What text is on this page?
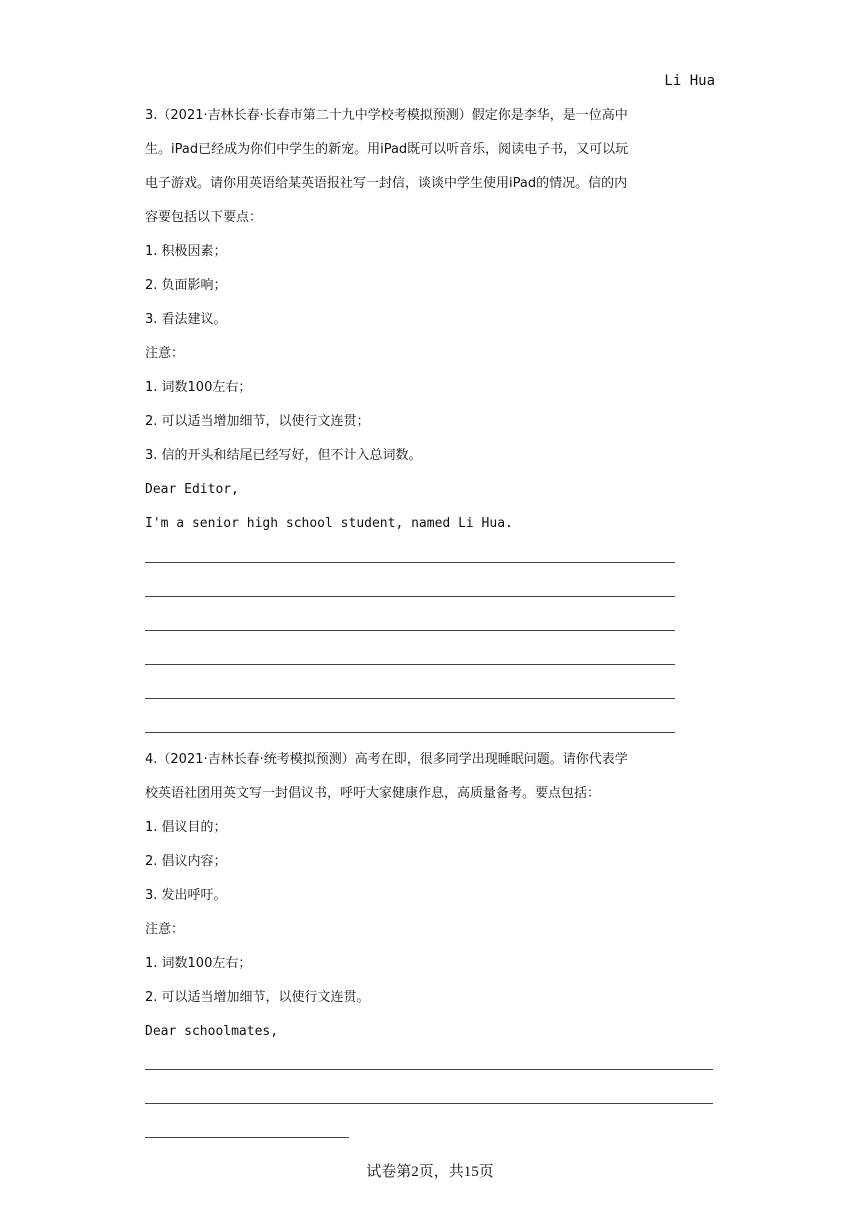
Li Hua
3.（2021·吉林长春·长春市第二十九中学校考模拟预测）假定你是李华，是一位高中
生。iPad已经成为你们中学生的新宠。用iPad既可以听音乐，阅读电子书，又可以玩
电子游戏。请你用英语给某英语报社写一封信，谈谈中学生使用iPad的情况。信的内
容要包括以下要点：
1. 积极因素；
2. 负面影响；
3. 看法建议。
注意：
1. 词数100左右；
2. 可以适当增加细节，以使行文连贯；
3. 信的开头和结尾已经写好，但不计入总词数。
Dear Editor,
I'm a senior high school student, named Li Hua.
4.（2021·吉林长春·统考模拟预测）高考在即，很多同学出现睡眠问题。请你代表学
校英语社团用英文写一封倡议书，呼吁大家健康作息，高质量备考。要点包括：
1. 倡议目的；
2. 倡议内容；
3. 发出呼吁。
注意：
1. 词数100左右；
2. 可以适当增加细节，以使行文连贯。
Dear schoolmates,
试卷第2页，共15页
